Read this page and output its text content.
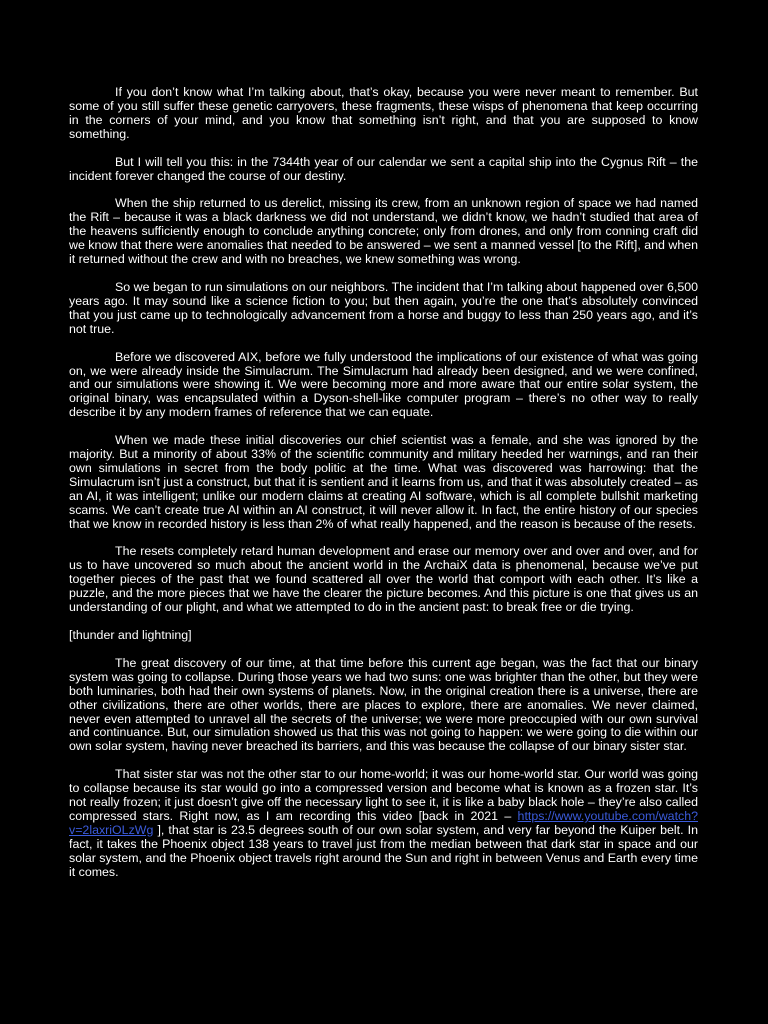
If you don’t know what I’m talking about, that’s okay, because you were never meant to remember. But some of you still suffer these genetic carryovers, these fragments, these wisps of phenomena that keep occurring in the corners of your mind, and you know that something isn’t right, and that you are supposed to know something.

But I will tell you this: in the 7344th year of our calendar we sent a capital ship into the Cygnus Rift – the incident forever changed the course of our destiny.

When the ship returned to us derelict, missing its crew, from an unknown region of space we had named the Rift – because it was a black darkness we did not understand, we didn’t know, we hadn’t studied that area of the heavens sufficiently enough to conclude anything concrete; only from drones, and only from conning craft did we know that there were anomalies that needed to be answered – we sent a manned vessel [to the Rift], and when it returned without the crew and with no breaches, we knew something was wrong.

So we began to run simulations on our neighbors. The incident that I’m talking about happened over 6,500 years ago. It may sound like a science fiction to you; but then again, you’re the one that’s absolutely convinced that you just came up to technologically advancement from a horse and buggy to less than 250 years ago, and it’s not true.

Before we discovered AIX, before we fully understood the implications of our existence of what was going on, we were already inside the Simulacrum. The Simulacrum had already been designed, and we were confined, and our simulations were showing it. We were becoming more and more aware that our entire solar system, the original binary, was encapsulated within a Dyson-shell-like computer program – there’s no other way to really describe it by any modern frames of reference that we can equate.

When we made these initial discoveries our chief scientist was a female, and she was ignored by the majority. But a minority of about 33% of the scientific community and military heeded her warnings, and ran their own simulations in secret from the body politic at the time. What was discovered was harrowing: that the Simulacrum isn’t just a construct, but that it is sentient and it learns from us, and that it was absolutely created – as an AI, it was intelligent; unlike our modern claims at creating AI software, which is all complete bullshit marketing scams. We can’t create true AI within an AI construct, it will never allow it. In fact, the entire history of our species that we know in recorded history is less than 2% of what really happened, and the reason is because of the resets.

The resets completely retard human development and erase our memory over and over and over, and for us to have uncovered so much about the ancient world in the ArchaiX data is phenomenal, because we’ve put together pieces of the past that we found scattered all over the world that comport with each other. It’s like a puzzle, and the more pieces that we have the clearer the picture becomes. And this picture is one that gives us an understanding of our plight, and what we attempted to do in the ancient past: to break free or die trying.

[thunder and lightning]

The great discovery of our time, at that time before this current age began, was the fact that our binary system was going to collapse. During those years we had two suns: one was brighter than the other, but they were both luminaries, both had their own systems of planets. Now, in the original creation there is a universe, there are other civilizations, there are other worlds, there are places to explore, there are anomalies. We never claimed, never even attempted to unravel all the secrets of the universe; we were more preoccupied with our own survival and continuance. But, our simulation showed us that this was not going to happen: we were going to die within our own solar system, having never breached its barriers, and this was because the collapse of our binary sister star.

That sister star was not the other star to our home-world; it was our home-world star. Our world was going to collapse because its star would go into a compressed version and become what is known as a frozen star. It’s not really frozen; it just doesn’t give off the necessary light to see it, it is like a baby black hole – they’re also called compressed stars. Right now, as I am recording this video [back in 2021 – https://www.youtube.com/watch?v=2laxriOLzWg ], that star is 23.5 degrees south of our own solar system, and very far beyond the Kuiper belt. In fact, it takes the Phoenix object 138 years to travel just from the median between that dark star in space and our solar system, and the Phoenix object travels right around the Sun and right in between Venus and Earth every time it comes.
